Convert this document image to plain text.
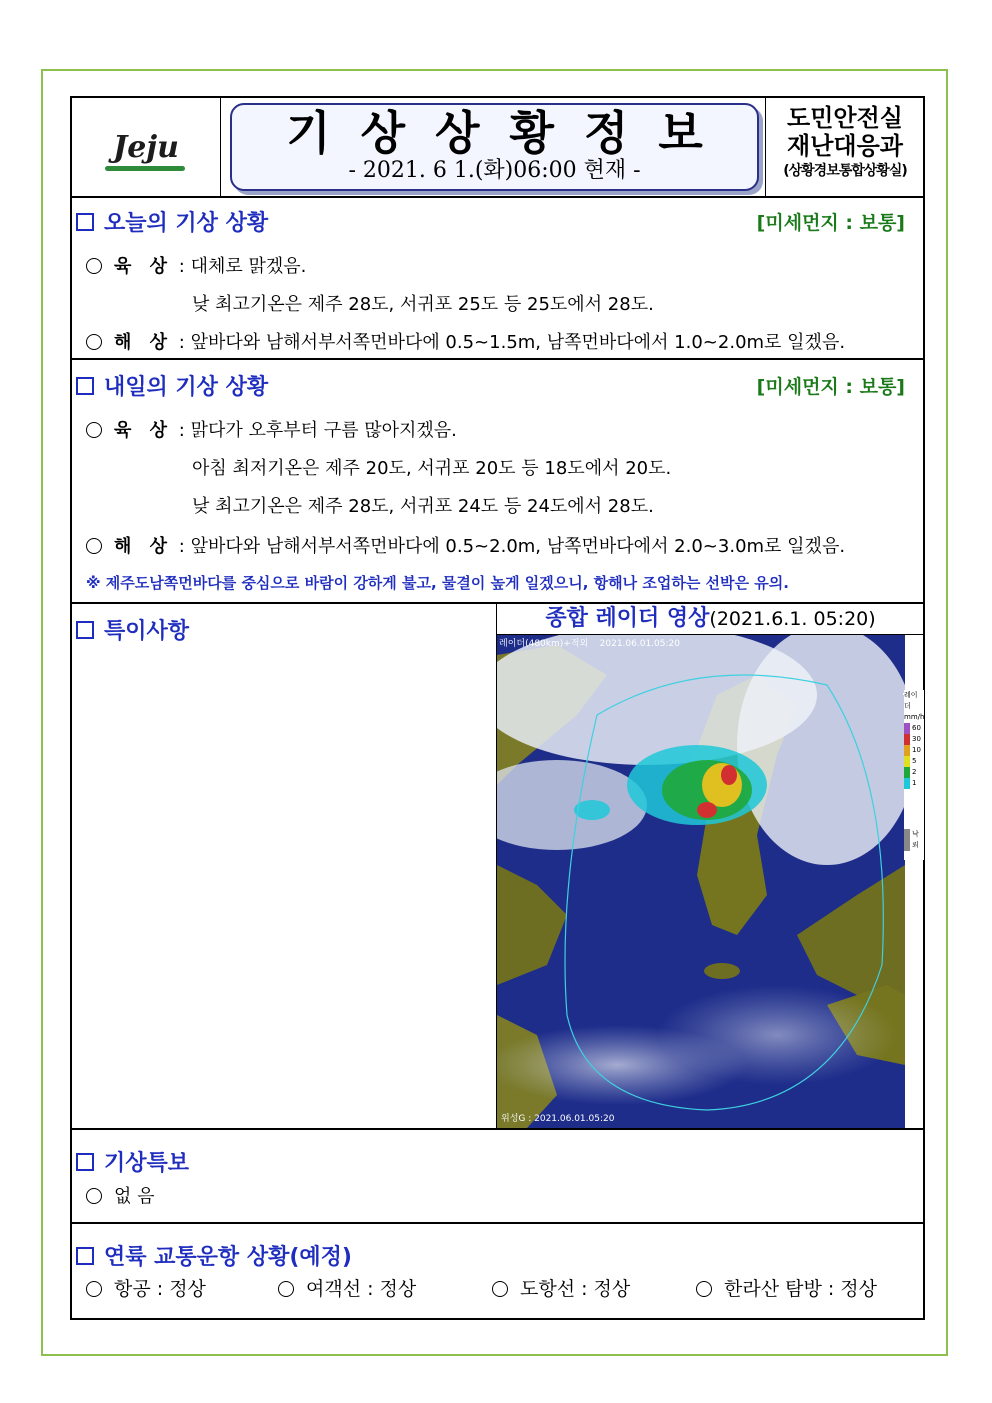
Jeju	기상상황정보
- 2021. 6 1.(화)06:00 현재 -
도민안전실
재난대응과
(상황경보통합상황실)
오늘의 기상 상황	[미세먼지 : 보통]
육 상 : 대체로 맑겠음.
낮 최고기온은 제주 28도, 서귀포 25도 등 25도에서 28도.
해 상 : 앞바다와 남해서부서쪽먼바다에 0.5~1.5m, 남쪽먼바다에서 1.0~2.0m로 일겠음.
내일의 기상 상황	[미세먼지 : 보통]
육 상 : 맑다가 오후부터 구름 많아지겠음.
아침 최저기온은 제주 20도, 서귀포 20도 등 18도에서 20도.
낮 최고기온은 제주 28도, 서귀포 24도 등 24도에서 28도.
해 상 : 앞바다와 남해서부서쪽먼바다에 0.5~2.0m, 남쪽먼바다에서 2.0~3.0m로 일겠음.
※ 제주도남쪽먼바다를 중심으로 바람이 강하게 불고, 물결이 높게 일겠으니, 항해나 조업하는 선박은 유의.
특이사항
종합 레이더 영상(2021.6.1. 05:20)
레이더(480km)+적외 2021.06.01.05:20
위성G : 2021.06.01.05:20
레이더
mm/h
60
30
10
5
2
1
낙뢰
기상특보
없 음
연륙 교통운항 상황(예정)
항공 : 정상	여객선 : 정상	도항선 : 정상	한라산 탐방 : 정상
